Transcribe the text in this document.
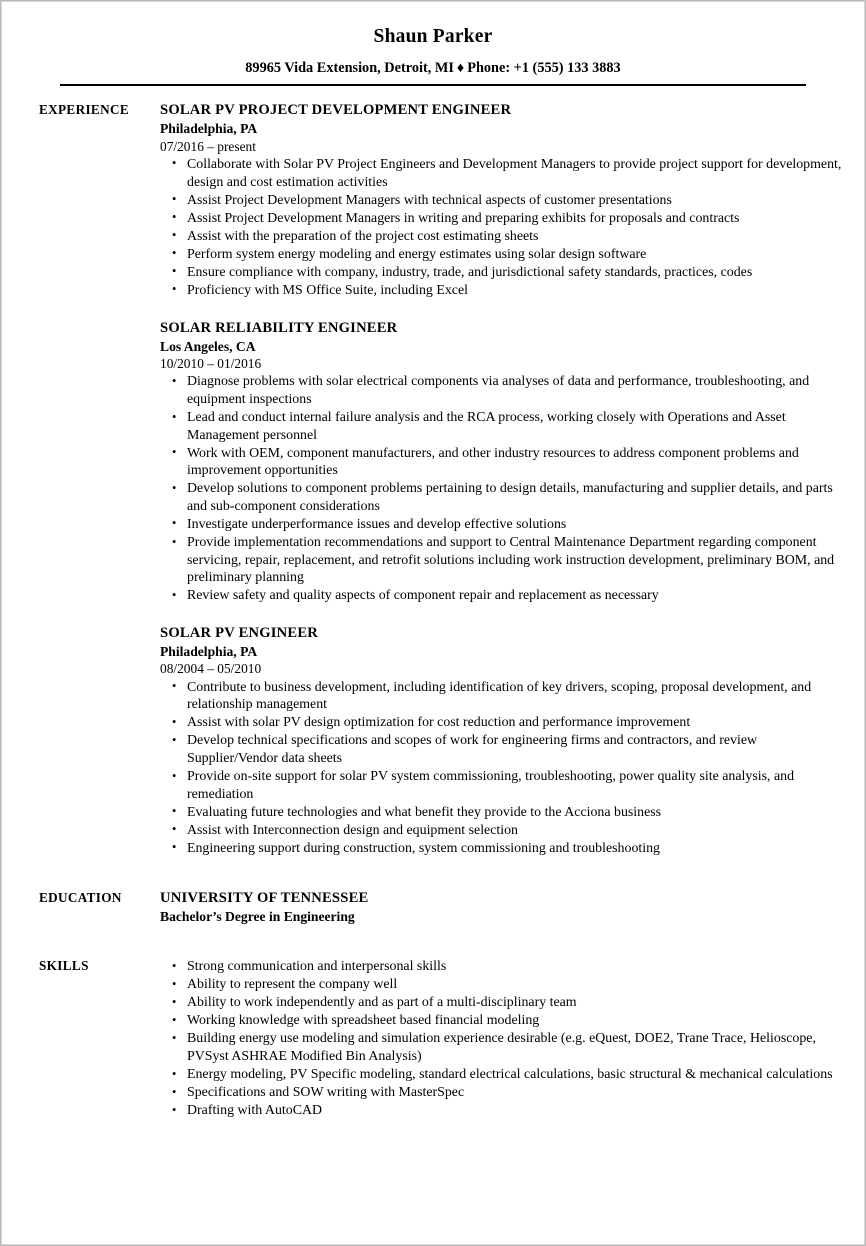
Shaun Parker
89965 Vida Extension, Detroit, MI ♦ Phone: +1 (555) 133 3883
EXPERIENCE	SOLAR PV PROJECT DEVELOPMENT ENGINEER
Philadelphia, PA
07/2016 – present
• Collaborate with Solar PV Project Engineers and Development Managers to provide project support for development, design and cost estimation activities
• Assist Project Development Managers with technical aspects of customer presentations
• Assist Project Development Managers in writing and preparing exhibits for proposals and contracts
• Assist with the preparation of the project cost estimating sheets
• Perform system energy modeling and energy estimates using solar design software
• Ensure compliance with company, industry, trade, and jurisdictional safety standards, practices, codes
• Proficiency with MS Office Suite, including Excel
SOLAR RELIABILITY ENGINEER
Los Angeles, CA
10/2010 – 01/2016
• Diagnose problems with solar electrical components via analyses of data and performance, troubleshooting, and equipment inspections
• Lead and conduct internal failure analysis and the RCA process, working closely with Operations and Asset Management personnel
• Work with OEM, component manufacturers, and other industry resources to address component problems and improvement opportunities
• Develop solutions to component problems pertaining to design details, manufacturing and supplier details, and parts and sub-component considerations
• Investigate underperformance issues and develop effective solutions
• Provide implementation recommendations and support to Central Maintenance Department regarding component servicing, repair, replacement, and retrofit solutions including work instruction development, preliminary BOM, and preliminary planning
• Review safety and quality aspects of component repair and replacement as necessary
SOLAR PV ENGINEER
Philadelphia, PA
08/2004 – 05/2010
• Contribute to business development, including identification of key drivers, scoping, proposal development, and relationship management
• Assist with solar PV design optimization for cost reduction and performance improvement
• Develop technical specifications and scopes of work for engineering firms and contractors, and review Supplier/Vendor data sheets
• Provide on-site support for solar PV system commissioning, troubleshooting, power quality site analysis, and remediation
• Evaluating future technologies and what benefit they provide to the Acciona business
• Assist with Interconnection design and equipment selection
• Engineering support during construction, system commissioning and troubleshooting
EDUCATION	UNIVERSITY OF TENNESSEE
Bachelor’s Degree in Engineering
SKILLS	• Strong communication and interpersonal skills
• Ability to represent the company well
• Ability to work independently and as part of a multi-disciplinary team
• Working knowledge with spreadsheet based financial modeling
• Building energy use modeling and simulation experience desirable (e.g. eQuest, DOE2, Trane Trace, Helioscope, PVSyst ASHRAE Modified Bin Analysis)
• Energy modeling, PV Specific modeling, standard electrical calculations, basic structural & mechanical calculations
• Specifications and SOW writing with MasterSpec
• Drafting with AutoCAD
